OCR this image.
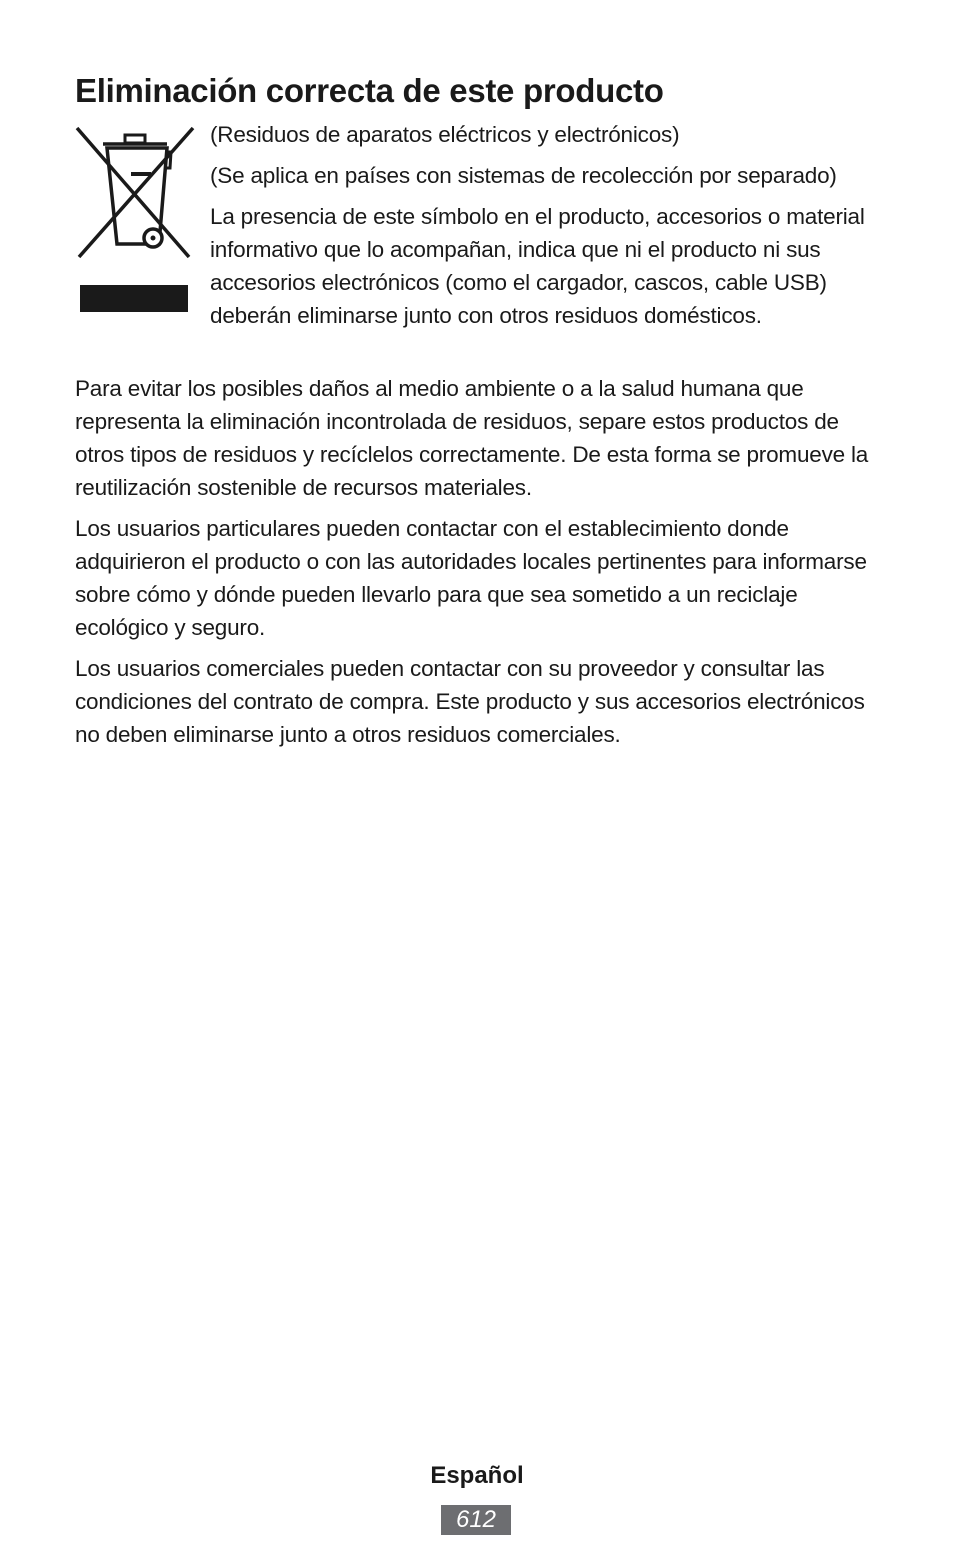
Eliminación correcta de este producto

(Residuos de aparatos eléctricos y electrónicos)

(Se aplica en países con sistemas de recolección por separado)

La presencia de este símbolo en el producto, accesorios o material informativo que lo acompañan, indica que ni el producto ni sus accesorios electrónicos (como el cargador, cascos, cable USB) deberán eliminarse junto con otros residuos domésticos.

Para evitar los posibles daños al medio ambiente o a la salud humana que representa la eliminación incontrolada de residuos, separe estos productos de otros tipos de residuos y recíclelos correctamente. De esta forma se promueve la reutilización sostenible de recursos materiales.

Los usuarios particulares pueden contactar con el establecimiento donde adquirieron el producto o con las autoridades locales pertinentes para informarse sobre cómo y dónde pueden llevarlo para que sea sometido a un reciclaje ecológico y seguro.

Los usuarios comerciales pueden contactar con su proveedor y consultar las condiciones del contrato de compra. Este producto y sus accesorios electrónicos no deben eliminarse junto a otros residuos comerciales.

Español
612
